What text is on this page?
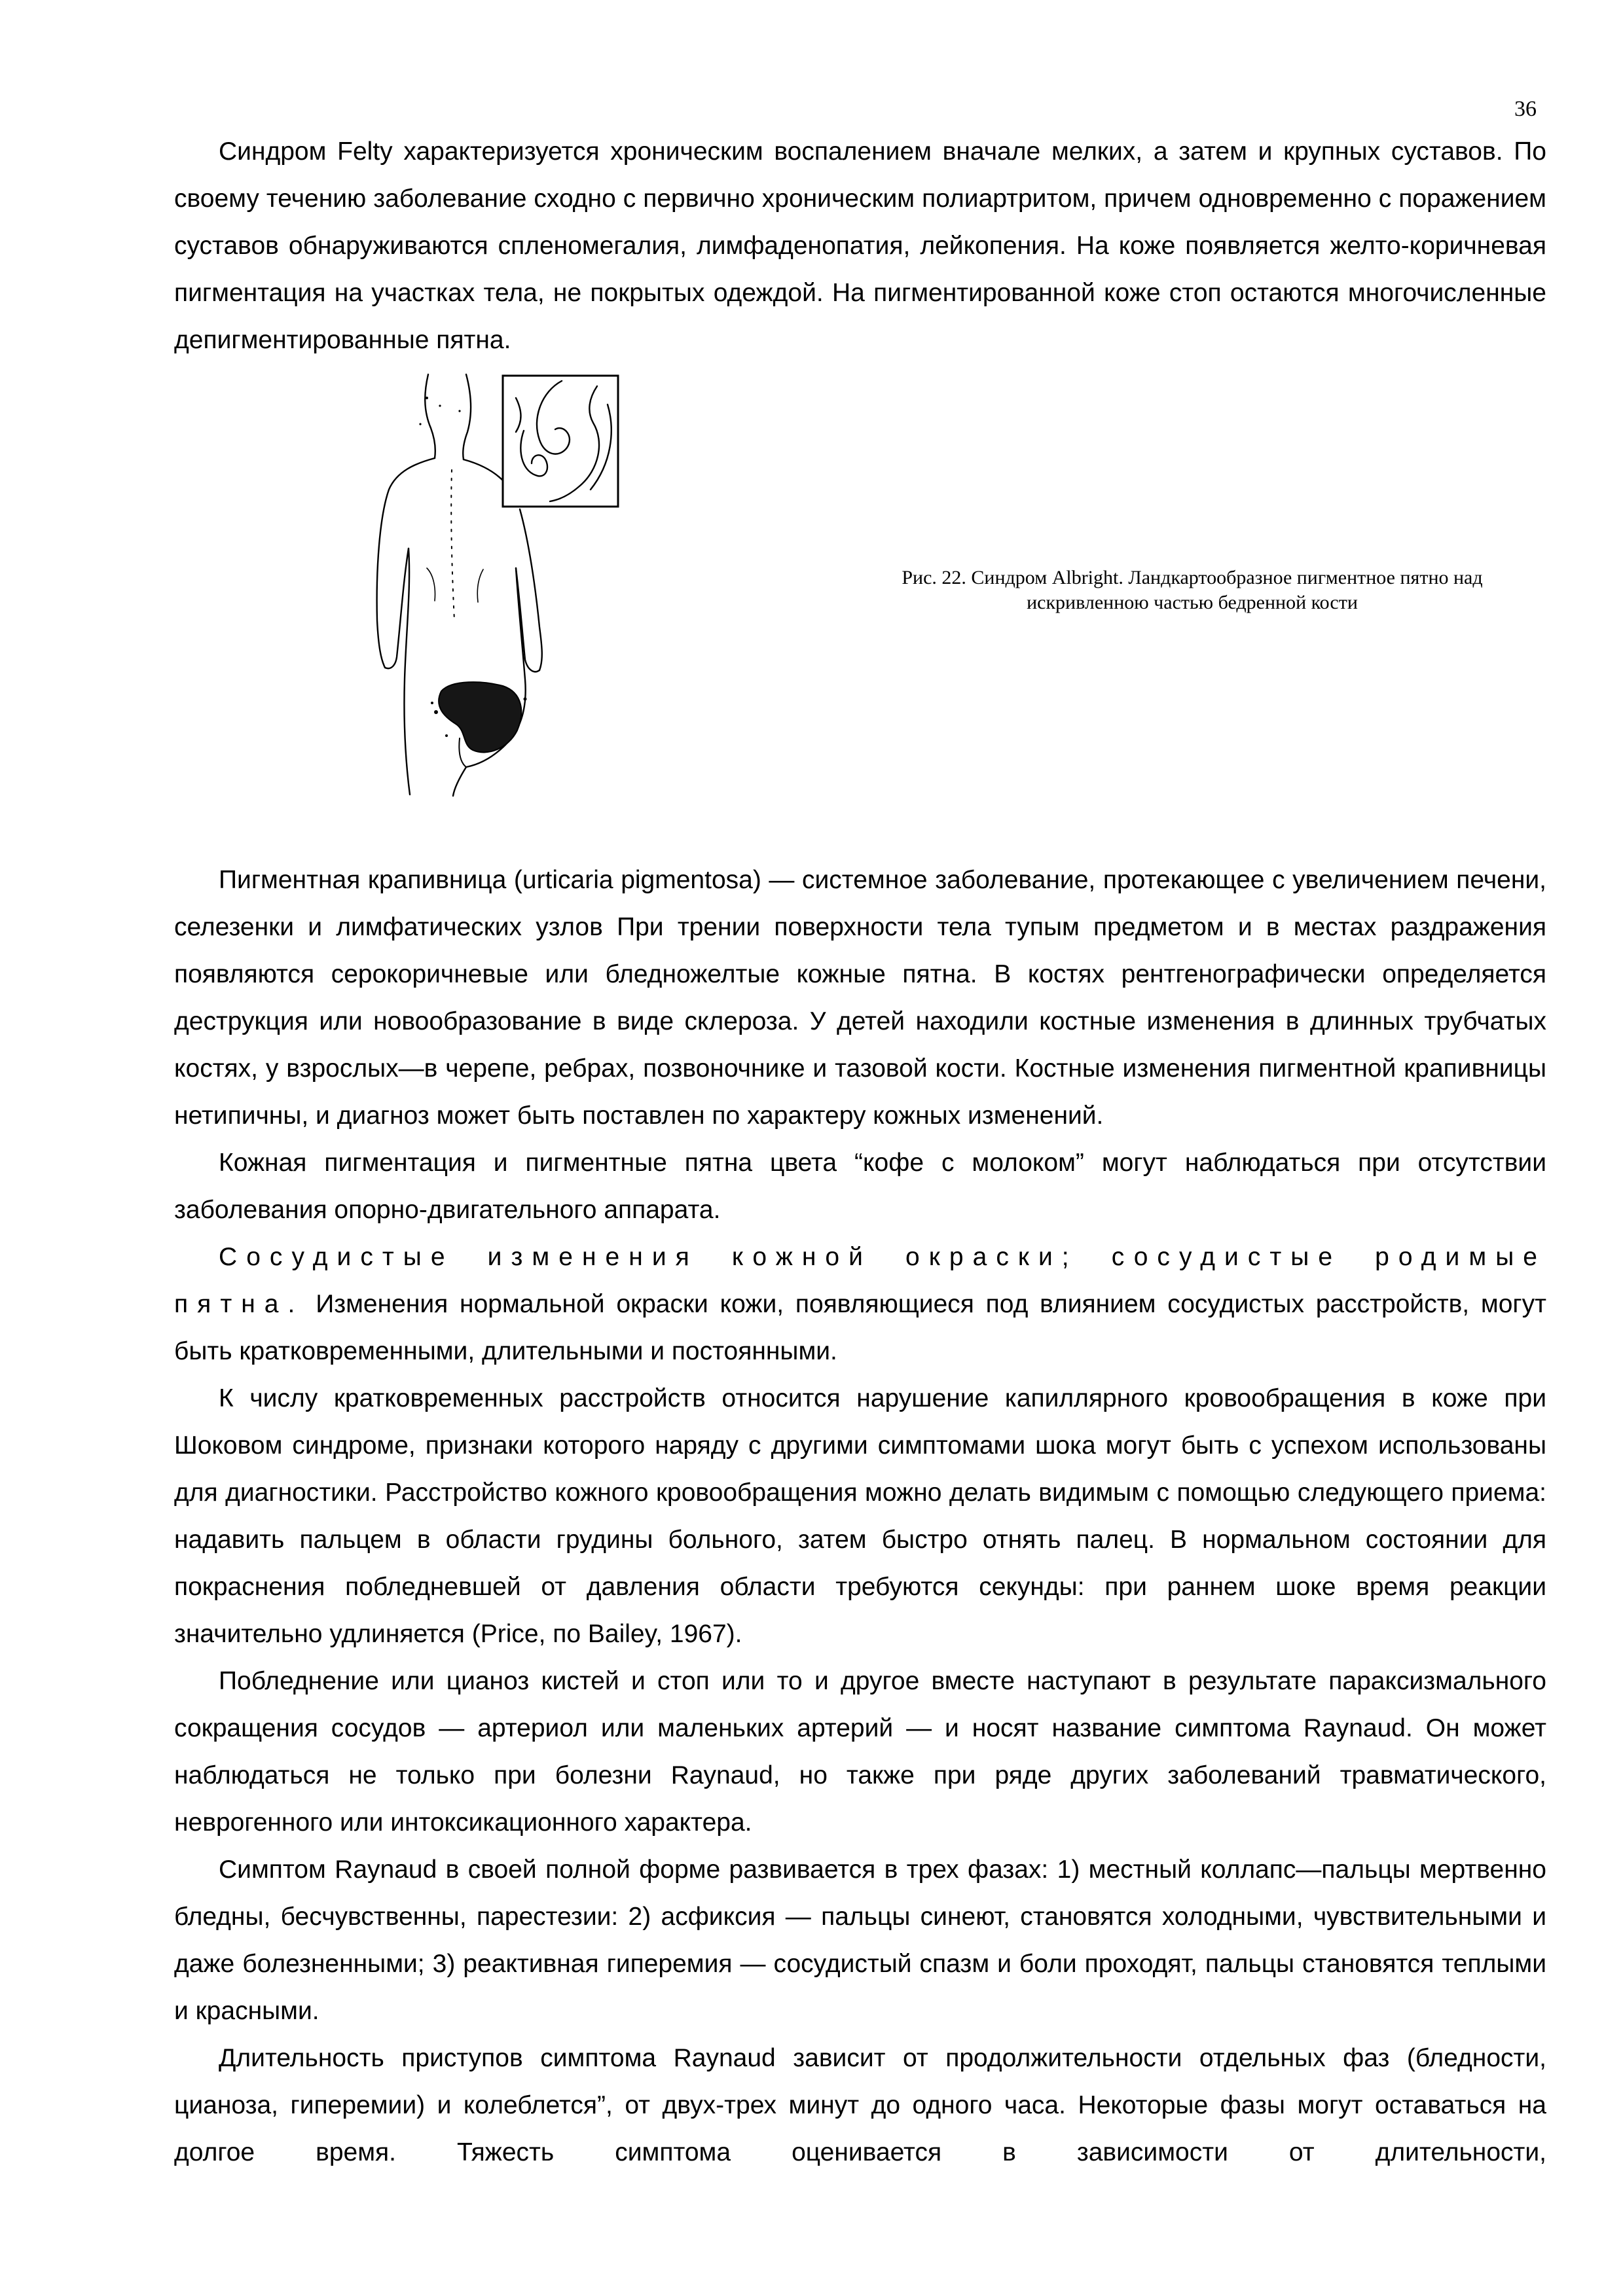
36

Синдром Felty характеризуется хроническим воспалением вначале мелких, а затем и крупных суставов. По своему течению заболевание сходно с первично хроническим полиартритом, причем одновременно с поражением суставов обнаруживаются спленомегалия, лимфаденопатия, лейкопения. На коже появляется желто-коричневая пигментация на участках тела, не покрытых одеждой. На пигментированной коже стоп остаются многочисленные депигментированные пятна.

Рис. 22. Синдром Albright. Ландкартообразное пигментное пятно над искривленною частью бедренной кости

Пигментная крапивница (urticaria pigmentosa) — системное заболевание, протекающее с увеличением печени, селезенки и лимфатических узлов При трении поверхности тела тупым предметом и в местах раздражения появляются серокоричневые или бледножелтые кожные пятна. В костях рентгенографически определяется деструкция или новообразование в виде склероза. У детей находили костные изменения в длинных трубчатых костях, у взрослых—в черепе, ребрах, позвоночнике и тазовой кости. Костные изменения пигментной крапивницы нетипичны, и диагноз может быть поставлен по характеру кожных изменений.

Кожная пигментация и пигментные пятна цвета “кофе с молоком” могут наблюдаться при отсутствии заболевания опорно-двигательного аппарата.

Сосудистые изменения кожной окраски; сосудистые родимые пятна. Изменения нормальной окраски кожи, появляющиеся под влиянием сосудистых расстройств, могут быть кратковременными, длительными и постоянными.

К числу кратковременных расстройств относится нарушение капиллярного кровообращения в коже при Шоковом синдроме, признаки которого наряду с другими симптомами шока могут быть с успехом использованы для диагностики. Расстройство кожного кровообращения можно делать видимым с помощью следующего приема: надавить пальцем в области грудины больного, затем быстро отнять палец. В нормальном состоянии для покраснения побледневшей от давления области требуются секунды: при раннем шоке время реакции значительно удлиняется (Price, по Bailey, 1967).

Побледнение или цианоз кистей и стоп или то и другое вместе наступают в результате параксизмального сокращения сосудов — артериол или маленьких артерий — и носят название симптома Raynaud. Он может наблюдаться не только при болезни Raynaud, но также при ряде других заболеваний травматического, неврогенного или интоксикационного характера.

Симптом Raynaud в своей полной форме развивается в трех фазах: 1) местный коллапс—пальцы мертвенно бледны, бесчувственны, парестезии: 2) асфиксия — пальцы синеют, становятся холодными, чувствительными и даже болезненными; 3) реактивная гиперемия — сосудистый спазм и боли проходят, пальцы становятся теплыми и красными.

Длительность приступов симптома Raynaud зависит от продолжительности отдельных фаз (бледности, цианоза, гиперемии) и колеблется”, от двух-трех минут до одного часа. Некоторые фазы могут оставаться на долгое время. Тяжесть симптома оценивается в зависимости от длительности,
